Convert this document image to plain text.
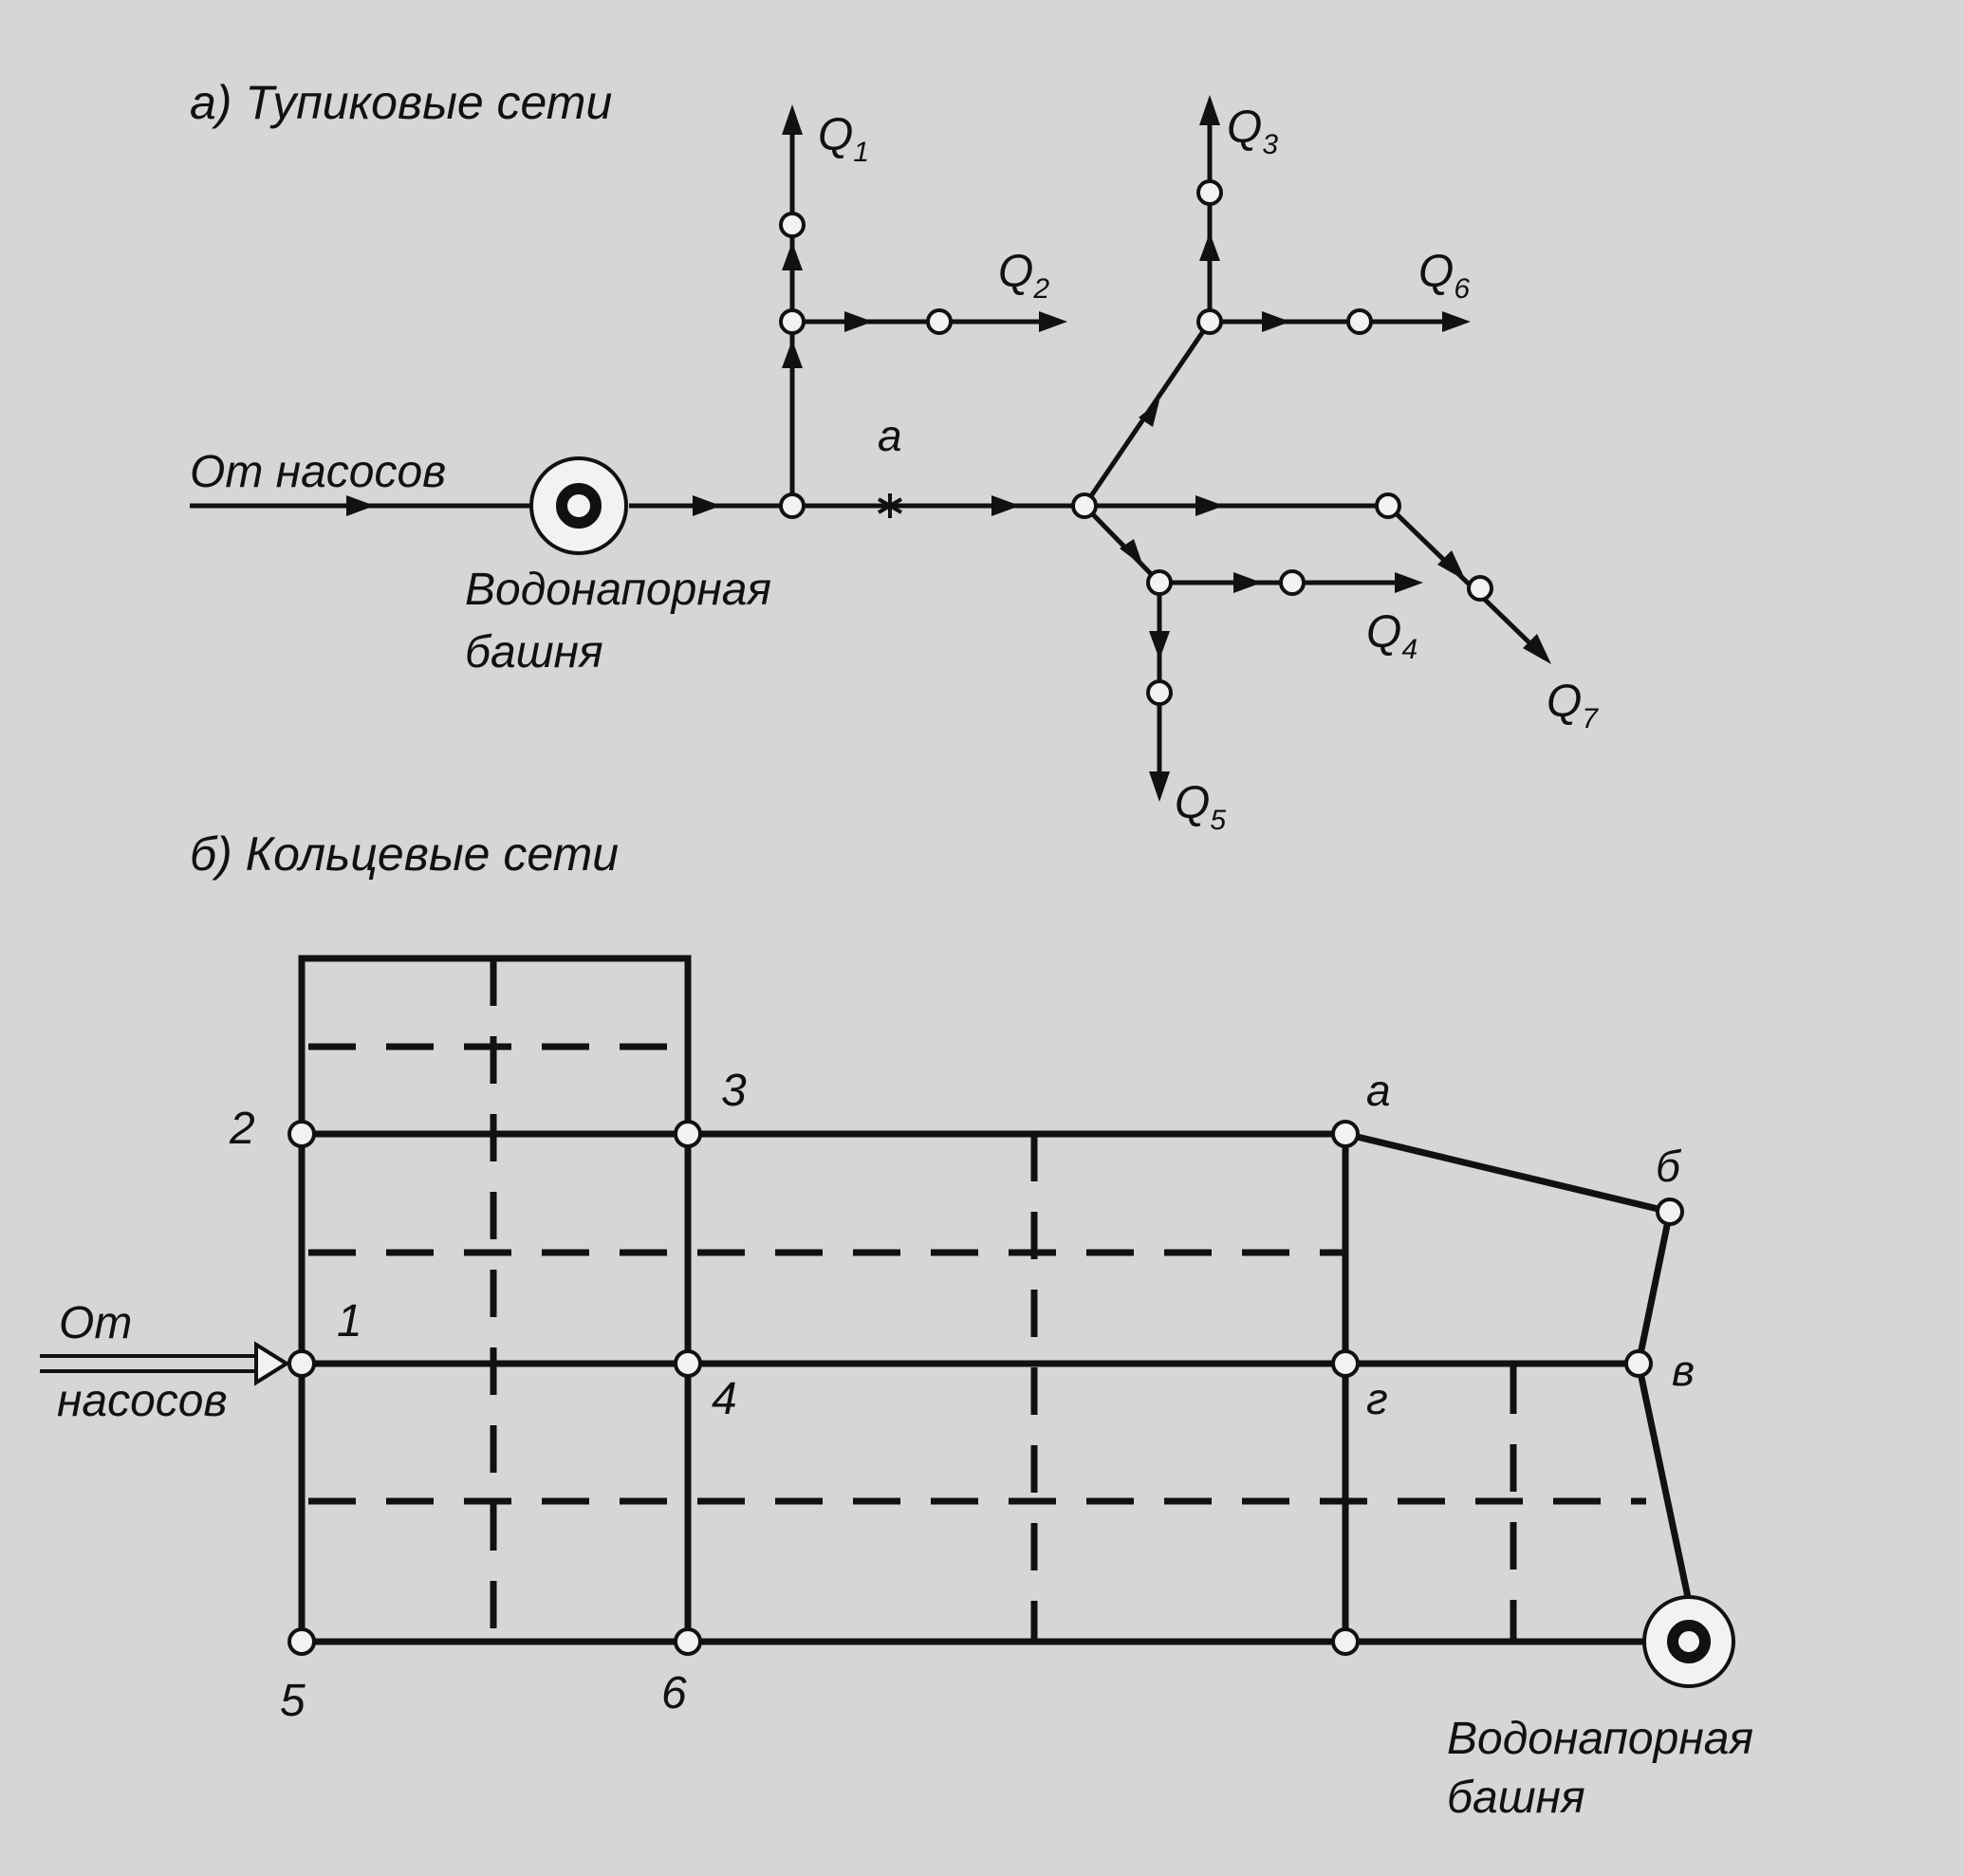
а) Тупиковые сети
а
От насосов
Водонапорная
башня
$Q_1$
$Q_2$
$Q_3$
$Q_4$
$Q_5$
$Q_6$
$Q_7$
б) Кольцевые сети
2
3
1
4
5	6
а
б
в
г
От
насосов
Водонапорная
башня
